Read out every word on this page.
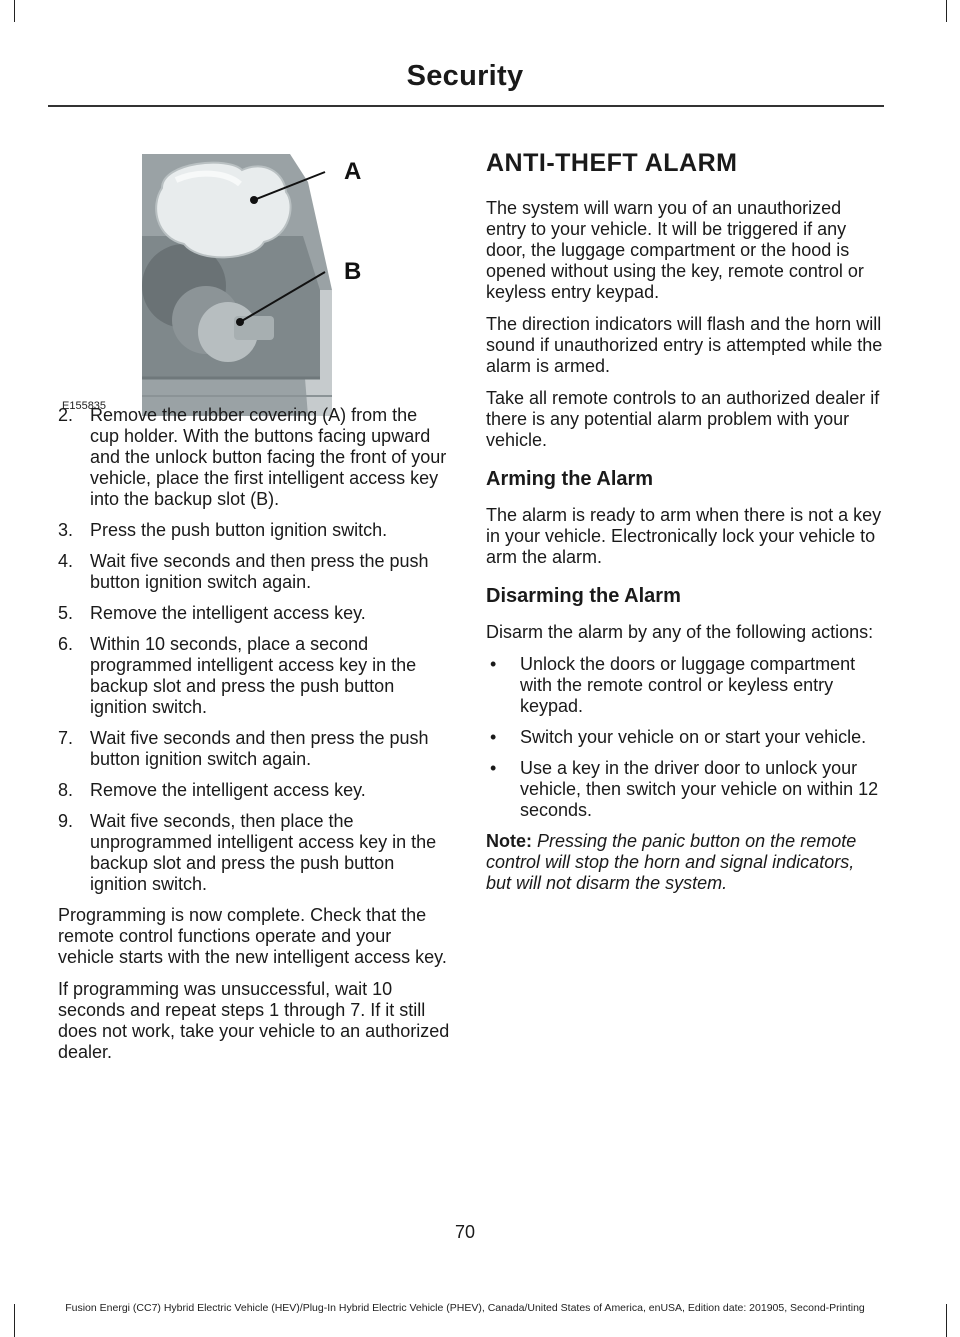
Security
A
B
E155835
2. Remove the rubber covering (A) from the cup holder. With the buttons facing upward and the unlock button facing the front of your vehicle, place the first intelligent access key into the backup slot (B).
3. Press the push button ignition switch.
4. Wait five seconds and then press the push button ignition switch again.
5. Remove the intelligent access key.
6. Within 10 seconds, place a second programmed intelligent access key in the backup slot and press the push button ignition switch.
7. Wait five seconds and then press the push button ignition switch again.
8. Remove the intelligent access key.
9. Wait five seconds, then place the unprogrammed intelligent access key in the backup slot and press the push button ignition switch.

Programming is now complete. Check that the remote control functions operate and your vehicle starts with the new intelligent access key.

If programming was unsuccessful, wait 10 seconds and repeat steps 1 through 7. If it still does not work, take your vehicle to an authorized dealer.

ANTI-THEFT ALARM

The system will warn you of an unauthorized entry to your vehicle. It will be triggered if any door, the luggage compartment or the hood is opened without using the key, remote control or keyless entry keypad.

The direction indicators will flash and the horn will sound if unauthorized entry is attempted while the alarm is armed.

Take all remote controls to an authorized dealer if there is any potential alarm problem with your vehicle.

Arming the Alarm

The alarm is ready to arm when there is not a key in your vehicle. Electronically lock your vehicle to arm the alarm.

Disarming the Alarm

Disarm the alarm by any of the following actions:

• Unlock the doors or luggage compartment with the remote control or keyless entry keypad.
• Switch your vehicle on or start your vehicle.
• Use a key in the driver door to unlock your vehicle, then switch your vehicle on within 12 seconds.
Note: Pressing the panic button on the remote control will stop the horn and signal indicators, but will not disarm the system.
70
Fusion Energi (CC7) Hybrid Electric Vehicle (HEV)/Plug-In Hybrid Electric Vehicle (PHEV), Canada/United States of America, enUSA, Edition date: 201905, Second-Printing
